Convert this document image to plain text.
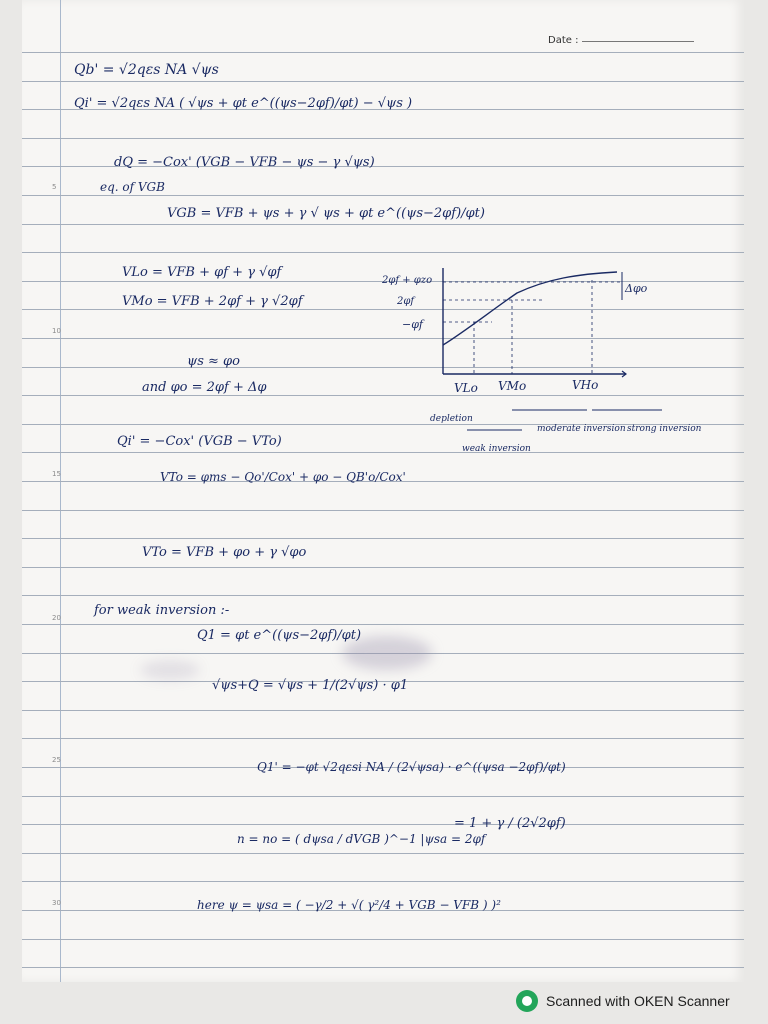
5
10
15
20
25
30
Date :
Qb' = √2qεs NA √ψs
Qi' = √2qεs NA ( √ψs + φt e^((ψs−2φf)/φt) − √ψs )
dQ = −Cox' (VGB − VFB − ψs − γ √ψs)
eq. of VGB
VGB = VFB + ψs + γ √ ψs + φt e^((ψs−2φf)/φt)
VLo = VFB + φf + γ √φf
VMo = VFB + 2φf + γ √2φf
ψs ≈ φo
and φo = 2φf + Δφ
Qi' = −Cox' (VGB − VTo)
VTo = φms − Qo'/Cox' + φo − QB'o/Cox'
VTo = VFB + φo + γ √φo
for weak inversion :-
Q1 = φt e^((ψs−2φf)/φt)
√ψs+Q = √ψs + 1/(2√ψs) · φ1
Q1' = −φt √2qεsi NA / (2√ψsa) · e^((ψsa −2φf)/φt)
n = no = ( dψsa / dVGB )^−1 |ψsa = 2φf
= 1 + γ / (2√2φf)
here ψ = ψsa = ( −γ/2 + √( γ²/4 + VGB − VFB ) )²
2φf + φzo
2φf
−φf
Δφo
VLo VMo	VHo
depletion
weak inversion
moderate inversion strong inversion
Scanned with OKEN Scanner
